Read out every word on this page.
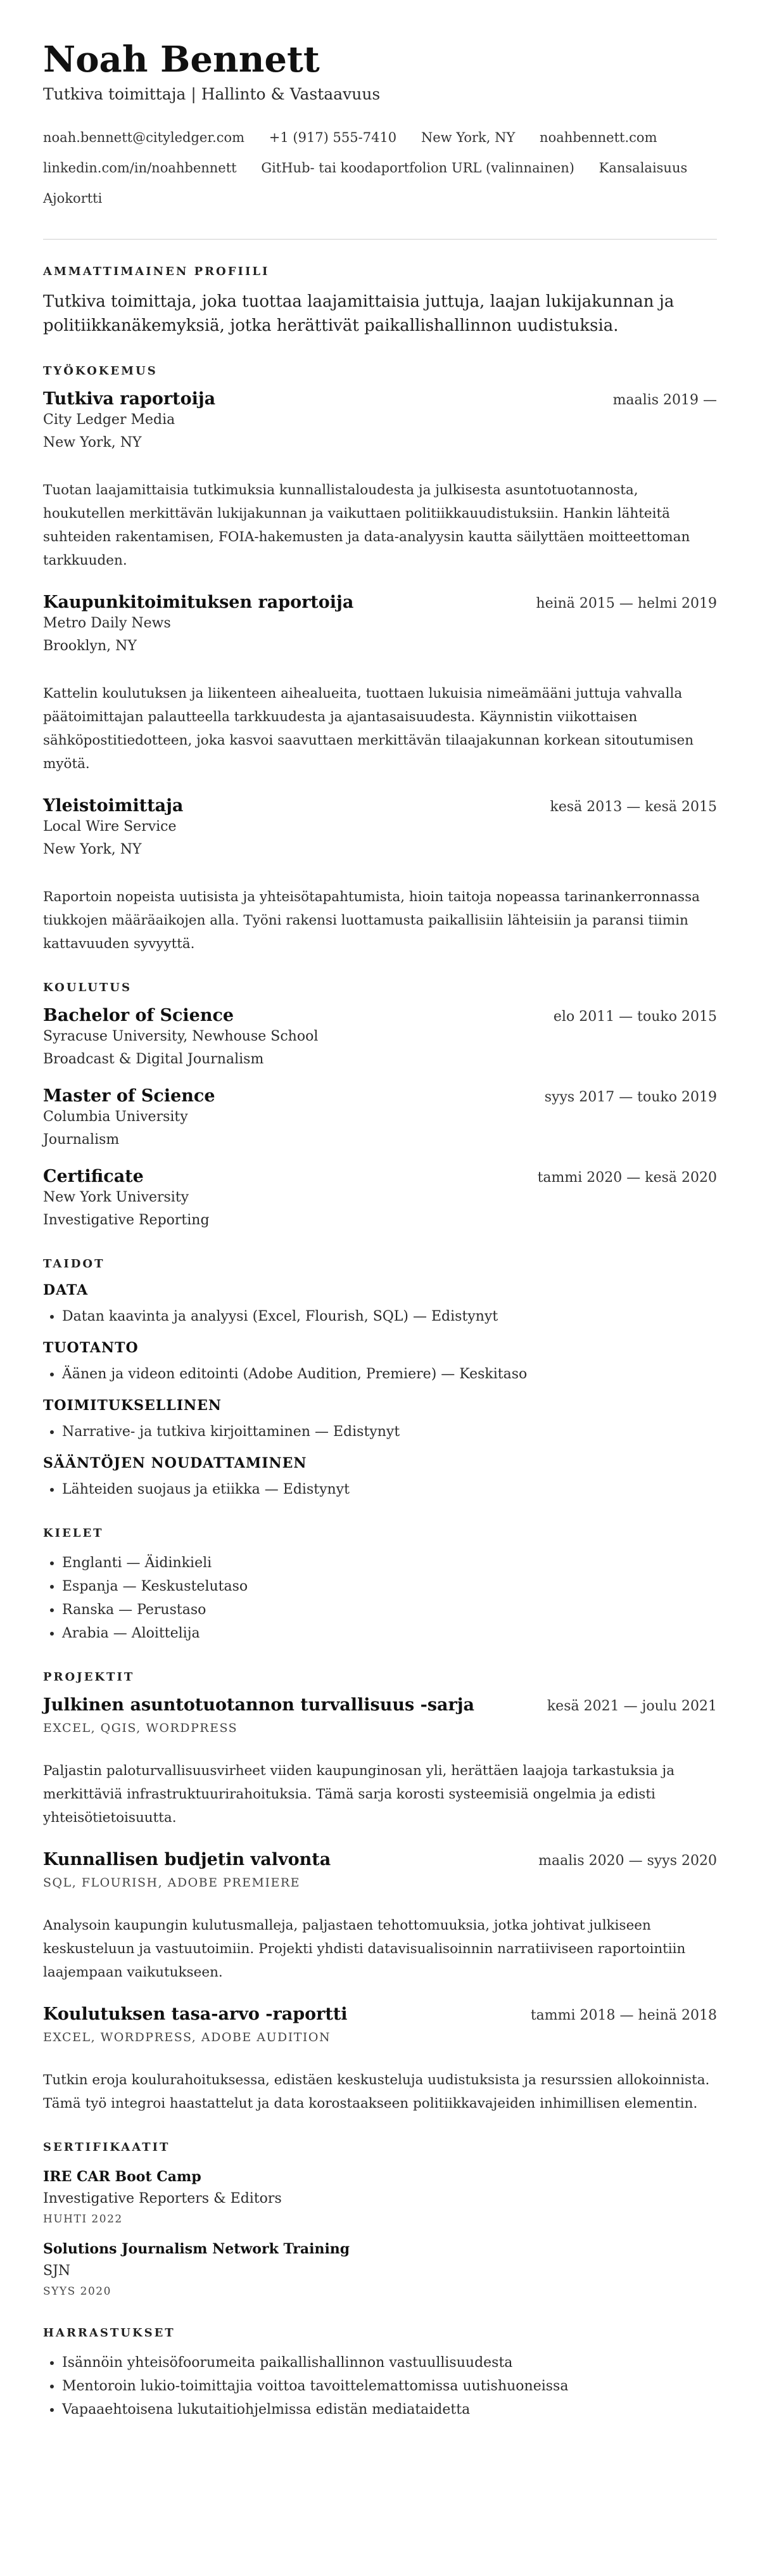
Noah Bennett
Tutkiva toimittaja | Hallinto & Vastaavuus
noah.bennett@cityledger.com +1 (917) 555-7410 New York, NY noahbennett.com linkedin.com/in/noahbennett GitHub- tai koodaportfolion URL (valinnainen) Kansalaisuus Ajokortti
AMMATTIMAINEN PROFIILI

Tutkiva toimittaja, joka tuottaa laajamittaisia juttuja, laajan lukijakunnan ja politiikkanäkemyksiä, jotka herättivät paikallishallinnon uudistuksia.

TYÖKOKEMUS
Tutkiva raportoija	maalis 2019 —
City Ledger Media
New York, NY
Tuotan laajamittaisia tutkimuksia kunnallistaloudesta ja julkisesta asuntotuotannosta, houkutellen merkittävän lukijakunnan ja vaikuttaen politiikkauudistuksiin. Hankin lähteitä suhteiden rakentamisen, FOIA-hakemusten ja data-analyysin kautta säilyttäen moitteettoman tarkkuuden.
Kaupunkitoimituksen raportoija	heinä 2015 — helmi 2019
Metro Daily News
Brooklyn, NY
Kattelin koulutuksen ja liikenteen aihealueita, tuottaen lukuisia nimeämääni juttuja vahvalla päätoimittajan palautteella tarkkuudesta ja ajantasaisuudesta. Käynnistin viikottaisen sähköpostitiedotteen, joka kasvoi saavuttaen merkittävän tilaajakunnan korkean sitoutumisen myötä.
Yleistoimittaja	kesä 2013 — kesä 2015
Local Wire Service
New York, NY
Raportoin nopeista uutisista ja yhteisötapahtumista, hioin taitoja nopeassa tarinankerronnassa tiukkojen määräaikojen alla. Työni rakensi luottamusta paikallisiin lähteisiin ja paransi tiimin kattavuuden syvyyttä.
KOULUTUS
Bachelor of Science	elo 2011 — touko 2015
Syracuse University, Newhouse School
Broadcast & Digital Journalism
Master of Science	syys 2017 — touko 2019
Columbia University
Journalism
Certificate	tammi 2020 — kesä 2020
New York University
Investigative Reporting
TAIDOT
DATA
• Datan kaavinta ja analyysi (Excel, Flourish, SQL) — Edistynyt
TUOTANTO
• Äänen ja videon editointi (Adobe Audition, Premiere) — Keskitaso
TOIMITUKSELLINEN
• Narrative- ja tutkiva kirjoittaminen — Edistynyt
SÄÄNTÖJEN NOUDATTAMINEN
• Lähteiden suojaus ja etiikka — Edistynyt
KIELET
• Englanti — Äidinkieli
• Espanja — Keskustelutaso
• Ranska — Perustaso
• Arabia — Aloittelija
PROJEKTIT
Julkinen asuntotuotannon turvallisuus -sarja	kesä 2021 — joulu 2021
EXCEL, QGIS, WORDPRESS
Paljastin paloturvallisuusvirheet viiden kaupunginosan yli, herättäen laajoja tarkastuksia ja merkittäviä infrastruktuurirahoituksia. Tämä sarja korosti systeemisiä ongelmia ja edisti yhteisötietoisuutta.
Kunnallisen budjetin valvonta	maalis 2020 — syys 2020
SQL, FLOURISH, ADOBE PREMIERE
Analysoin kaupungin kulutusmalleja, paljastaen tehottomuuksia, jotka johtivat julkiseen keskusteluun ja vastuutoimiin. Projekti yhdisti datavisualisoinnin narratiiviseen raportointiin laajempaan vaikutukseen.
Koulutuksen tasa-arvo -raportti	tammi 2018 — heinä 2018
EXCEL, WORDPRESS, ADOBE AUDITION
Tutkin eroja koulurahoituksessa, edistäen keskusteluja uudistuksista ja resurssien allokoinnista. Tämä työ integroi haastattelut ja data korostaakseen politiikkavajeiden inhimillisen elementin.
SERTIFIKAATIT
IRE CAR Boot Camp
Investigative Reporters & Editors
HUHTI 2022
Solutions Journalism Network Training
SJN
SYYS 2020
HARRASTUKSET
• Isännöin yhteisöfoorumeita paikallishallinnon vastuullisuudesta
• Mentoroin lukio-toimittajia voittoa tavoittelemattomissa uutishuoneissa
• Vapaaehtoisena lukutaitiohjelmissa edistän mediataidetta
